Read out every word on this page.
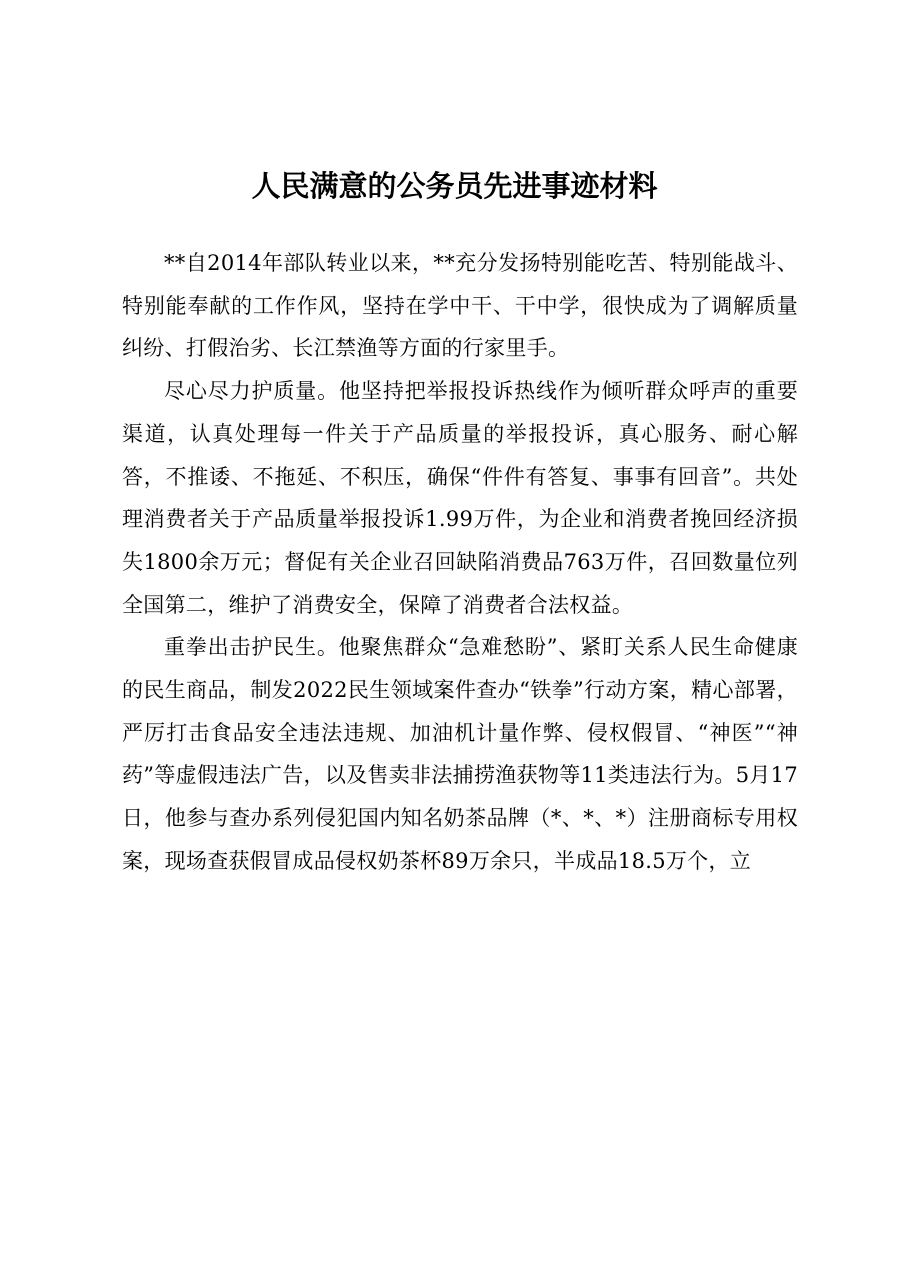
人民满意的公务员先进事迹材料

**自2014年部队转业以来，**充分发扬特别能吃苦、特别能战斗、特别能奉献的工作作风，坚持在学中干、干中学，很快成为了调解质量纠纷、打假治劣、长江禁渔等方面的行家里手。

尽心尽力护质量。他坚持把举报投诉热线作为倾听群众呼声的重要渠道，认真处理每一件关于产品质量的举报投诉，真心服务、耐心解答，不推诿、不拖延、不积压，确保“件件有答复、事事有回音”。共处理消费者关于产品质量举报投诉1.99万件，为企业和消费者挽回经济损失1800余万元；督促有关企业召回缺陷消费品763万件，召回数量位列全国第二，维护了消费安全，保障了消费者合法权益。

重拳出击护民生。他聚焦群众“急难愁盼”、紧盯关系人民生命健康的民生商品，制发2022民生领域案件查办“铁拳”行动方案，精心部署，严厉打击食品安全违法违规、加油机计量作弊、侵权假冒、“神医”“神药”等虚假违法广告，以及售卖非法捕捞渔获物等11类违法行为。5月17日，他参与查办系列侵犯国内知名奶茶品牌（*、*、*）注册商标专用权案，现场查获假冒成品侵权奶茶杯89万余只，半成品18.5万个，立
